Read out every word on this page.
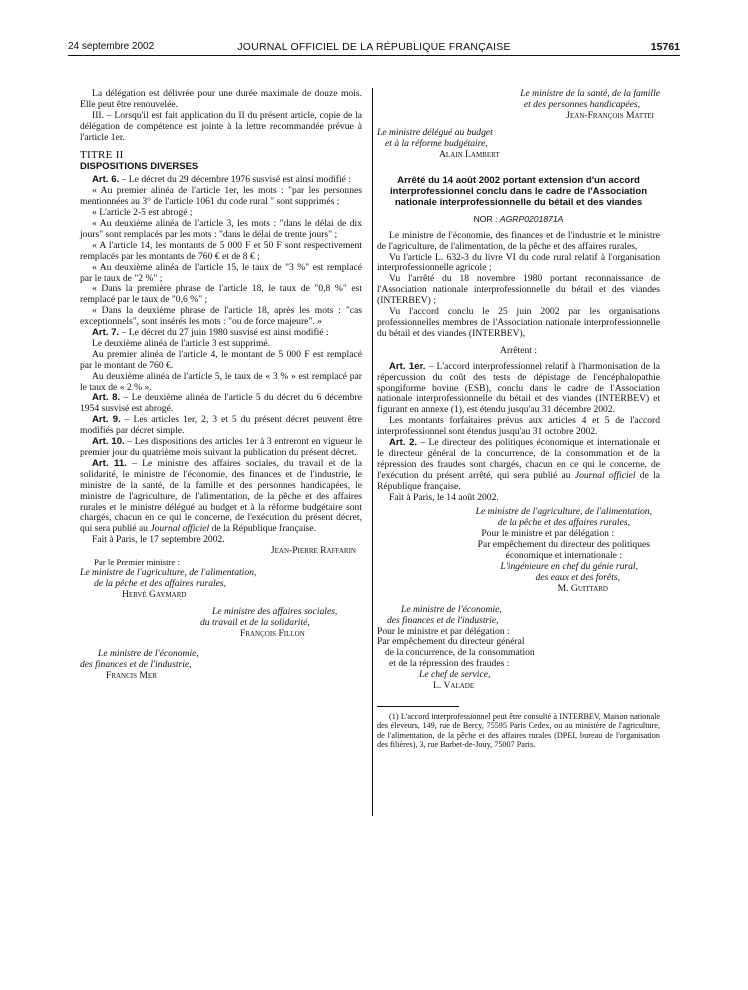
24 septembre 2002	JOURNAL OFFICIEL DE LA RÉPUBLIQUE FRANÇAISE	15761

La délégation est délivrée pour une durée maximale de douze mois. Elle peut être renouvelée.

III. – Lorsqu'il est fait application du II du présent article, copie de la délégation de compétence est jointe à la lettre recommandée prévue à l'article 1er.

TITRE II

DISPOSITIONS DIVERSES

Art. 6. – Le décret du 29 décembre 1976 susvisé est ainsi modifié :

« Au premier alinéa de l'article 1er, les mots : "par les personnes mentionnées au 3° de l'article 1061 du code rural " sont supprimés ;

« L'article 2-5 est abrogé ;

« Au deuxième alinéa de l'article 3, les mots : "dans le délai de dix jours" sont remplacés par les mots : "dans le délai de trente jours" ;

« A l'article 14, les montants de 5 000 F et 50 F sont respectivement remplacés par les montants de 760 € et de 8 € ;

« Au deuxième alinéa de l'article 15, le taux de "3 %" est remplacé par le taux de "2 %" ;

« Dans la première phrase de l'article 18, le taux de "0,8 %" est remplacé par le taux de "0,6 %" ;

« Dans la deuxième phrase de l'article 18, après les mots : "cas exceptionnels", sont insérés les mots : "ou de force majeure". »

Art. 7. – Le décret du 27 juin 1980 susvisé est ainsi modifié :

Le deuxième alinéa de l'article 3 est supprimé.

Au premier alinéa de l'article 4, le montant de 5 000 F est remplacé par le montant de 760 €.

Au deuxième alinéa de l'article 5, le taux de « 3 % » est remplacé par le taux de « 2 % ».

Art. 8. – Le deuxième alinéa de l'article 5 du décret du 6 décembre 1954 susvisé est abrogé.

Art. 9. – Les articles 1er, 2, 3 et 5 du présent décret peuvent être modifiés par décret simple.

Art. 10. – Les dispositions des articles 1er à 3 entreront en vigueur le premier jour du quatrième mois suivant la publication du présent décret.

Art. 11. – Le ministre des affaires sociales, du travail et de la solidarité, le ministre de l'économie, des finances et de l'industrie, le ministre de la santé, de la famille et des personnes handicapées, le ministre de l'agriculture, de l'alimentation, de la pêche et des affaires rurales et le ministre délégué au budget et à la réforme budgétaire sont chargés, chacun en ce qui le concerne, de l'exécution du présent décret, qui sera publié au Journal officiel de la République française.

Fait à Paris, le 17 septembre 2002.

Jean-Pierre Raffarin

Par le Premier ministre :

Le ministre de l'agriculture, de l'alimentation,

de la pêche et des affaires rurales,

Hervé Gaymard

Le ministre des affaires sociales,

du travail et de la solidarité,

François Fillon

Le ministre de l'économie,

des finances et de l'industrie,

Francis Mer

Le ministre de la santé, de la famille

et des personnes handicapées,

Jean-François Mattei

Le ministre délégué au budget

et à la réforme budgétaire,

Alain Lambert

Arrêté du 14 août 2002 portant extension d'un accord interprofessionnel conclu dans le cadre de l'Association nationale interprofessionnelle du bétail et des viandes

NOR : AGRP0201871A

Le ministre de l'économie, des finances et de l'industrie et le ministre de l'agriculture, de l'alimentation, de la pêche et des affaires rurales,

Vu l'article L. 632-3 du livre VI du code rural relatif à l'organisation interprofessionnelle agricole ;

Vu l'arrêté du 18 novembre 1980 portant reconnaissance de l'Association nationale interprofessionnelle du bétail et des viandes (INTERBEV) ;

Vu l'accord conclu le 25 juin 2002 par les organisations professionnelles membres de l'Association nationale interprofessionnelle du bétail et des viandes (INTERBEV),

Arrêtent :

Art. 1er. – L'accord interprofessionnel relatif à l'harmonisation de la répercussion du coût des tests de dépistage de l'encéphalopathie spongiforme bovine (ESB), conclu dans le cadre de l'Association nationale interprofessionnelle du bétail et des viandes (INTERBEV) et figurant en annexe (1), est étendu jusqu'au 31 décembre 2002.

Les montants forfaitaires prévus aux articles 4 et 5 de l'accord interprofessionnel sont étendus jusqu'au 31 octobre 2002.

Art. 2. – Le directeur des politiques économique et internationale et le directeur général de la concurrence, de la consommation et de la répression des fraudes sont chargés, chacun en ce qui le concerne, de l'exécution du présent arrêté, qui sera publié au Journal officiel de la République française.

Fait à Paris, le 14 août 2002.

Le ministre de l'agriculture, de l'alimentation,

de la pêche et des affaires rurales,

Pour le ministre et par délégation :

Par empêchement du directeur des politiques

économique et internationale :

L'ingénieure en chef du génie rural,

des eaux et des forêts,

M. Guittard

Le ministre de l'économie,

des finances et de l'industrie,

Pour le ministre et par délégation :

Par empêchement du directeur général

de la concurrence, de la consommation

et de la répression des fraudes :

Le chef de service,

L. Valade

(1) L'accord interprofessionnel peut être consulté à INTERBEV, Maison nationale des éleveurs, 149, rue de Bercy, 75595 Paris Cedex, ou au ministère de l'agriculture, de l'alimentation, de la pêche et des affaires rurales (DPEI, bureau de l'organisation des filières), 3, rue Barbet-de-Jouy, 75007 Paris.
